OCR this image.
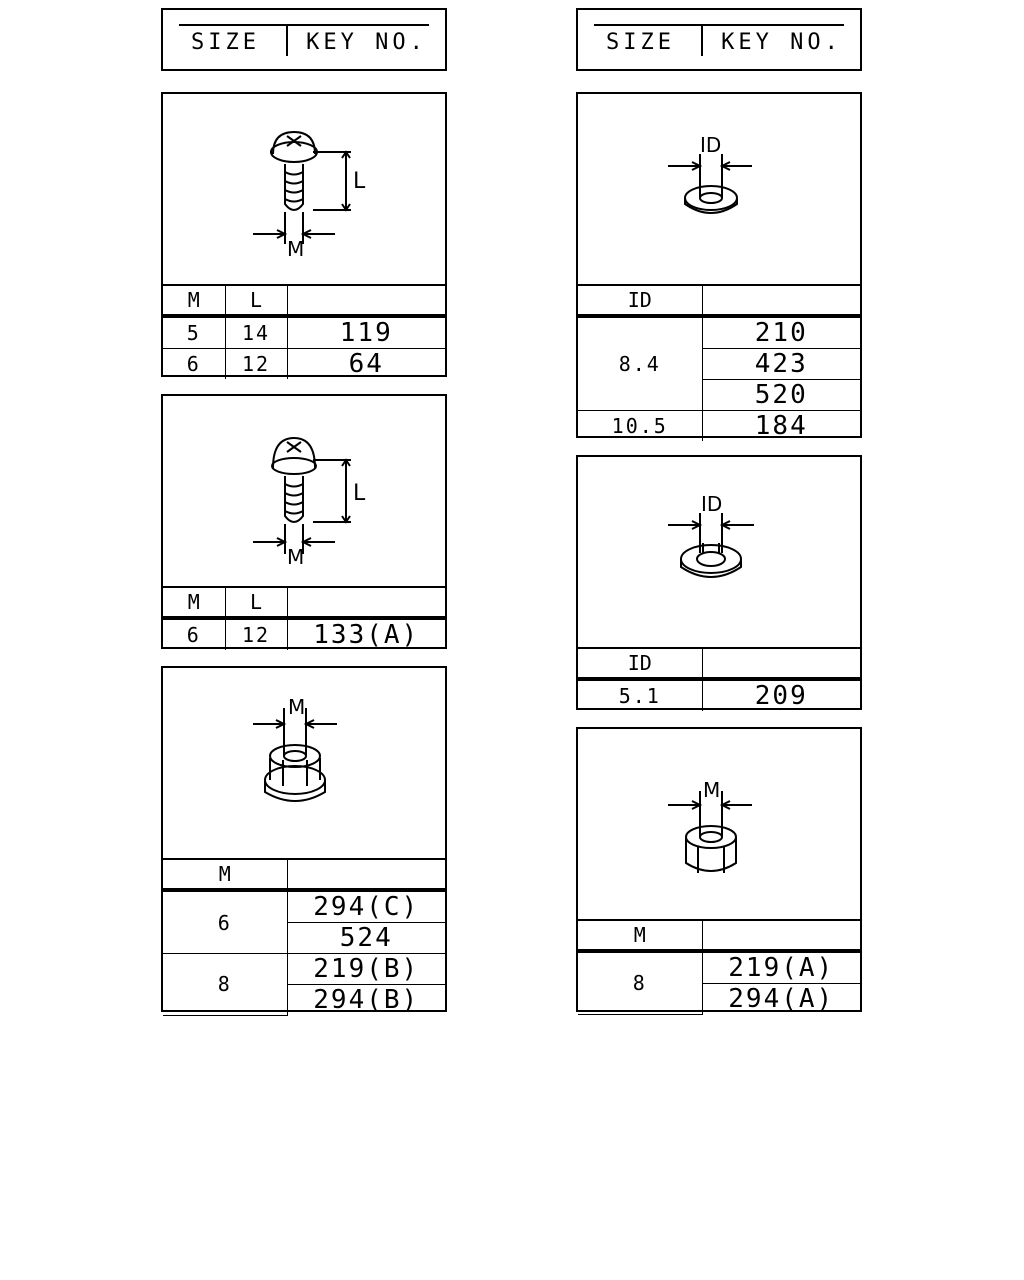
SIZE	KEY NO.	SIZE	KEY NO.
L
M
M	L	
5	14	119
6	12	64
L
M
M	L	
6	12	133(A)
M
M	
6	294(C)
	524
8	219(B)
	294(B)
ID
ID	
8.4	210
	423
	520
10.5	184
ID
ID	
5.1	209
M
M	
8	219(A)
	294(A)
